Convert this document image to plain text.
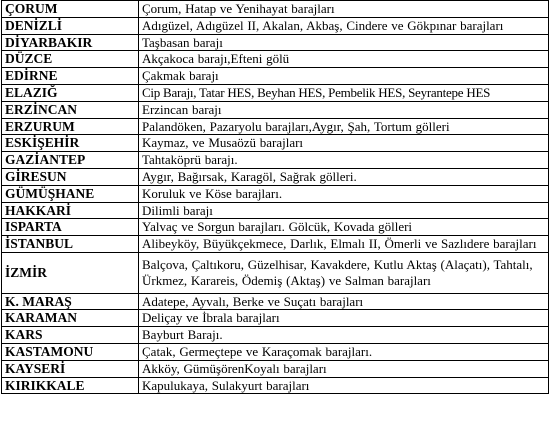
ÇORUM	Çorum, Hatap ve Yenihayat barajları
DENİZLİ	Adıgüzel, Adıgüzel II, Akalan, Akbaş, Cindere ve Gökpınar barajları
DİYARBAKIR	Taşbasan barajı
DÜZCE	Akçakoca barajı,Efteni gölü
EDİRNE	Çakmak barajı
ELAZIĞ	Cip Barajı, Tatar HES, Beyhan HES, Pembelik HES, Seyrantepe HES
ERZİNCAN	Erzincan barajı
ERZURUM	Palandöken, Pazaryolu barajları,Aygır, Şah, Tortum gölleri
ESKİŞEHİR	Kaymaz, ve Musaözü barajları
GAZİANTEP	Tahtaköprü barajı.
GİRESUN	Aygır, Bağırsak, Karagöl, Sağrak gölleri.
GÜMÜŞHANE	Koruluk ve Köse barajları.
HAKKARİ	Dilimli barajı
ISPARTA	Yalvaç ve Sorgun barajları. Gölcük, Kovada gölleri
İSTANBUL	Alibeyköy, Büyükçekmece, Darlık, Elmalı II, Ömerli ve Sazlıdere barajları
İZMİR	Balçova, Çaltıkoru, Güzelhisar, Kavakdere, Kutlu Aktaş (Alaçatı), Tahtalı, Ürkmez, Karareis, Ödemiş (Aktaş) ve Salman barajları
K. MARAŞ	Adatepe, Ayvalı, Berke ve Suçatı barajları
KARAMAN	Deliçay ve İbrala barajları
KARS	Bayburt Barajı.
KASTAMONU	Çatak, Germeçtepe ve Karaçomak barajları.
KAYSERİ	Akköy, GümüşörenKoyalı barajları
KIRIKKALE	Kapulukaya, Sulakyurt barajları
